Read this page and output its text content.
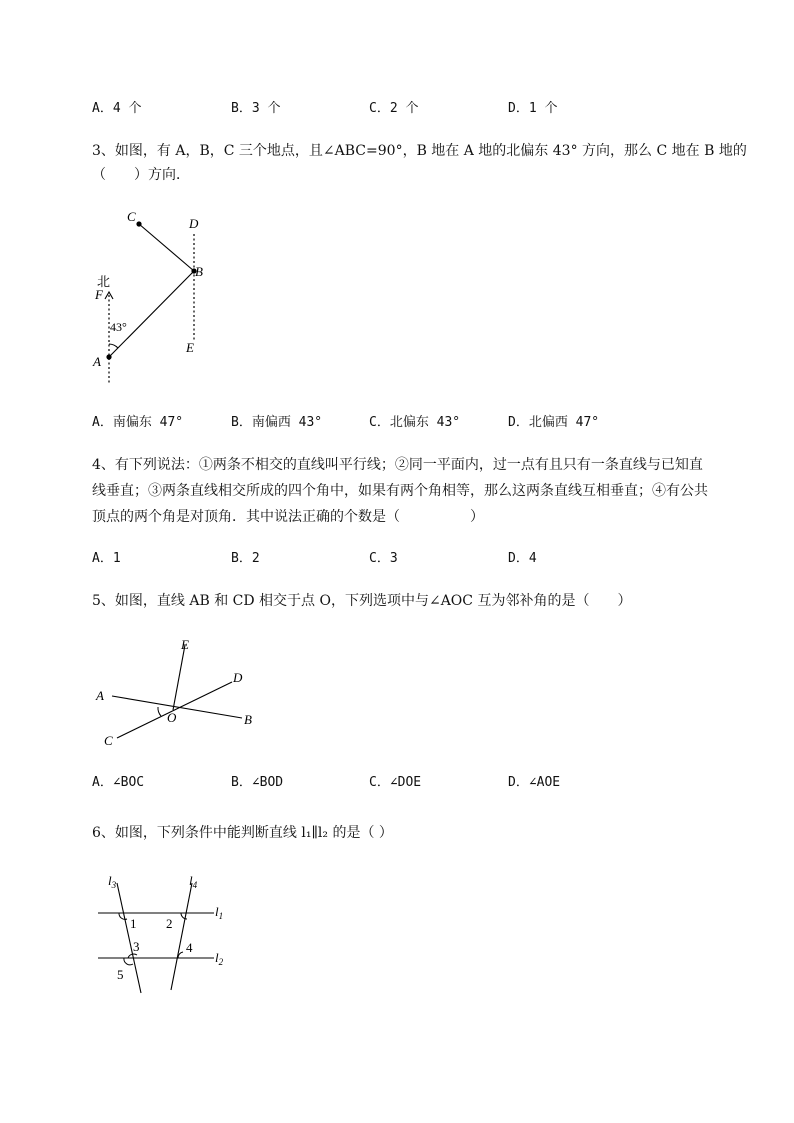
A．4 个	B．3 个	C．2 个	D．1 个
3、如图，有 A，B，C 三个地点，且∠ABC=90°，B 地在 A 地的北偏东 43° 方向，那么 C 地在 B 地的
（　　）方向．
C	D
B
E
北
F
43°
A
A．南偏东 47°	B．南偏西 43°	C．北偏东 43°	D．北偏西 47°
4、有下列说法：①两条不相交的直线叫平行线；②同一平面内，过一点有且只有一条直线与已知直
线垂直；③两条直线相交所成的四个角中，如果有两个角相等，那么这两条直线互相垂直；④有公共
顶点的两个角是对顶角．其中说法正确的个数是（　　　　　）
A．1	B．2	C．3	D．4
5、如图，直线 AB 和 CD 相交于点 O，下列选项中与∠AOC 互为邻补角的是（　　）
E
D
A
O	B
C
A．∠BOC	B．∠BOD	C．∠DOE	D．∠AOE
6、如图，下列条件中能判断直线 l₁∥l₂ 的是（ ）
$l_3$	$l_4$
$l_1$
$l_2$
1 2
3	4
5
